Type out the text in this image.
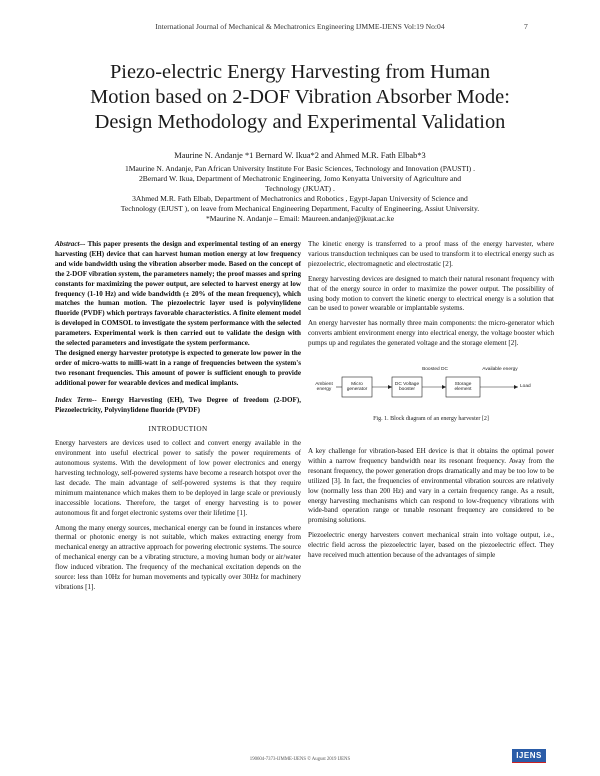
International Journal of Mechanical & Mechatronics Engineering IJMME-IJENS Vol:19 No:04	7
Piezo-electric Energy Harvesting from Human
Motion based on 2-DOF Vibration Absorber Mode:
Design Methodology and Experimental Validation
Maurine N. Andanje *1 Bernard W. Ikua*2 and Ahmed M.R. Fath Elbab*3
1Maurine N. Andanje, Pan African University Institute For Basic Sciences, Technology and Innovation (PAUSTI) .
2Bernard W. Ikua, Department of Mechatronic Engineering, Jomo Kenyatta University of Agriculture and
Technology (JKUAT) .
3Ahmed M.R. Fath Elbab, Department of Mechatronics and Robotics , Egypt-Japan University of Science and
Technology (EJUST ), on leave from Mechanical Engineering Department, Faculty of Engineering, Assiut University.
*Maurine N. Andanje – Email: Maureen.andanje@jkuat.ac.ke

Abstract–- This paper presents the design and experimental testing of an energy harvesting (EH) device that can harvest human motion energy at low frequency and wide bandwidth using the vibration absorber mode. Based on the concept of the 2-DOF vibration system, the parameters namely; the proof masses and spring constants for maximizing the power output, are selected to harvest energy at low frequency (1-10 Hz) and wide bandwidth (± 20% of the mean frequency), which matches the human motion. The piezoelectric layer used is polyvinylidene fluoride (PVDF) which portrays favorable characteristics. A finite element model is developed in COMSOL to investigate the system performance with the selected parameters. Experimental work is then carried out to validate the design with the selected parameters and investigate the system performance.

The designed energy harvester prototype is expected to generate low power in the order of micro-watts to milli-watt in a range of frequencies between the system's two resonant frequencies. This amount of power is sufficient enough to provide additional power for wearable devices and medical implants.

Index Term-- Energy Harvesting (EH), Two Degree of freedom (2-DOF), Piezoelectricity, Polyvinylidene fluoride (PVDF)

INTRODUCTION

Energy harvesters are devices used to collect and convert energy available in the environment into useful electrical power to satisfy the power requirements of autonomous systems. With the development of low power electronics and energy harvesting technology, self-powered systems have become a research hotspot over the last decade. The main advantage of self-powered systems is that they require minimum maintenance which makes them to be deployed in large scale or previously inaccessible locations. Therefore, the target of energy harvesting is to power autonomous fit and forget electronic systems over their lifetime [1].

Among the many energy sources, mechanical energy can be found in instances where thermal or photonic energy is not suitable, which makes extracting energy from mechanical energy an attractive approach for powering electronic systems. The source of mechanical energy can be a vibrating structure, a moving human body or air/water flow induced vibration. The frequency of the mechanical excitation depends on the source: less than 10Hz for human movements and typically over 30Hz for machinery vibrations [1].

The kinetic energy is transferred to a proof mass of the energy harvester, where various transduction techniques can be used to transform it to electrical energy such as piezoelectric, electromagnetic and electrostatic [2].

Energy harvesting devices are designed to match their natural resonant frequency with that of the energy source in order to maximize the power output. The possibility of using body motion to convert the kinetic energy to electrical energy is a solution that can be used to power wearable or implantable systems.

An energy harvester has normally three main components: the micro-generator which converts ambient environment energy into electrical energy, the voltage booster which pumps up and regulates the generated voltage and the storage element [2].

Ambient energy
Micro generator
DC Voltage booster
Storage element
Load
Boosted DC	Available energy

Fig. 1. Block diagram of an energy harvester [2]

A key challenge for vibration-based EH device is that it obtains the optimal power within a narrow frequency bandwidth near its resonant frequency. Away from the resonant frequency, the power generation drops dramatically and may be too low to be utilized [3]. In fact, the frequencies of environmental vibration sources are relatively low (normally less than 200 Hz) and vary in a certain frequency range. As a result, energy harvesting mechanisms which can respond to low-frequency vibrations with wide-band operation range or tunable resonant frequency are considered to be promising solutions.

Piezoelectric energy harvesters convert mechanical strain into voltage output, i.e., electric field across the piezoelectric layer, based on the piezoelectric effect. They have received much attention because of the advantages of simple

190604-7373-IJMME-IJENS © August 2019 IJENS	IJENS
